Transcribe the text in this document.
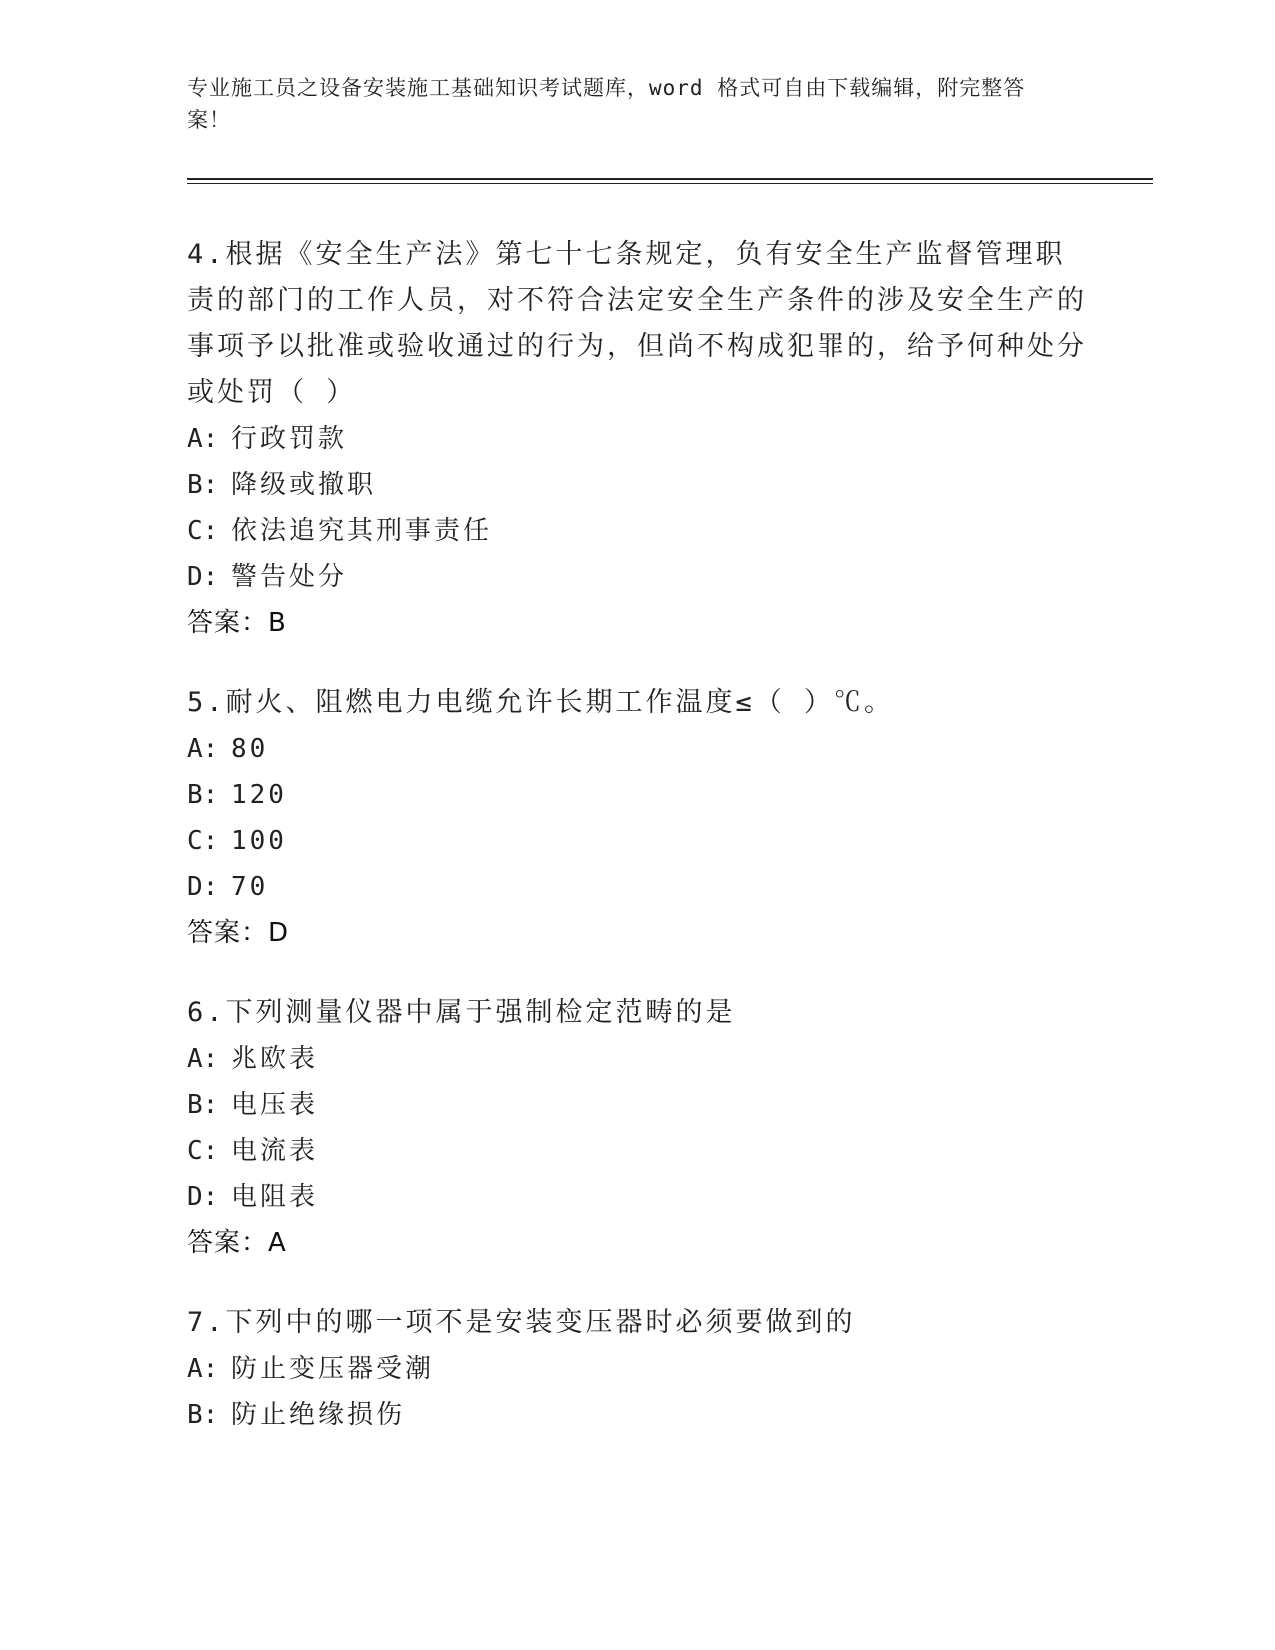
专业施工员之设备安装施工基础知识考试题库，word 格式可自由下载编辑，附完整答案！

4.根据《安全生产法》第七十七条规定，负有安全生产监督管理职责的部门的工作人员，对不符合法定安全生产条件的涉及安全生产的事项予以批准或验收通过的行为，但尚不构成犯罪的，给予何种处分或处罚（ ）

A: 行政罚款
B: 降级或撤职
C: 依法追究其刑事责任
D: 警告处分
答案：B

5.耐火、阻燃电力电缆允许长期工作温度≤（ ）℃。

A: 80
B: 120
C: 100
D: 70
答案：D

6.下列测量仪器中属于强制检定范畴的是

A: 兆欧表
B: 电压表
C: 电流表
D: 电阻表
答案：A

7.下列中的哪一项不是安装变压器时必须要做到的

A: 防止变压器受潮
B: 防止绝缘损伤
